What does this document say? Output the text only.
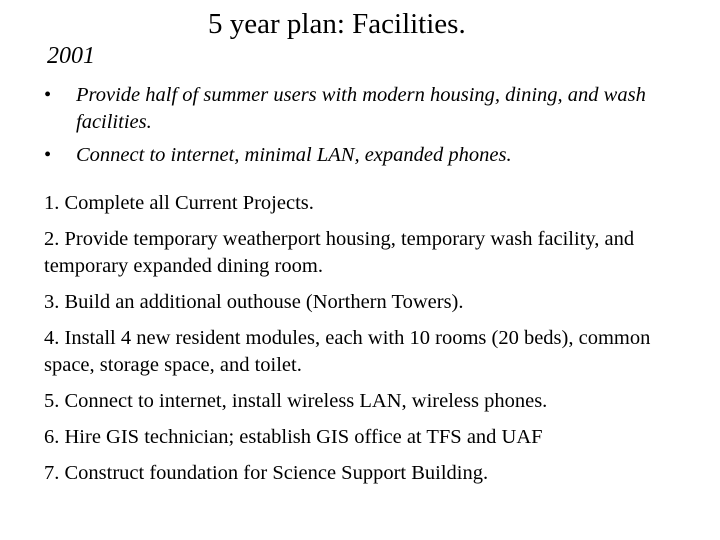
5 year plan: Facilities.
2001
• Provide half of summer users with modern housing, dining, and wash facilities.
• Connect to internet, minimal LAN, expanded phones.
1. Complete all Current Projects.
2. Provide temporary weatherport housing, temporary wash facility, and temporary expanded dining room.
3. Build an additional outhouse (Northern Towers).
4. Install 4 new resident modules, each with 10 rooms (20 beds), common space, storage space, and toilet.
5. Connect to internet, install wireless LAN, wireless phones.
6. Hire GIS technician; establish GIS office at TFS and UAF
7. Construct foundation for Science Support Building.
